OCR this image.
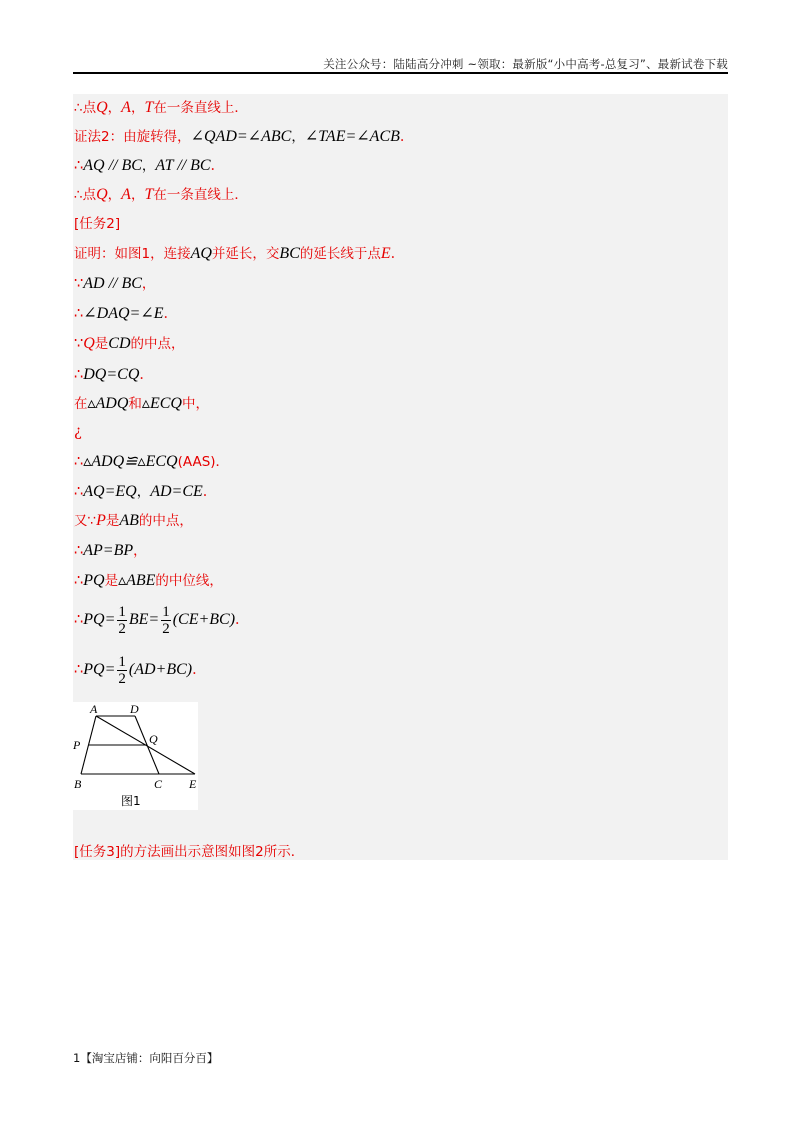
关注公众号：陆陆高分冲刺 ~领取：最新版“小中高考-总复习”、最新试卷下载
∴点Q，A，T在一条直线上．
证法2：由旋转得，∠QAD=∠ABC，∠TAE=∠ACB．
∴AQ // BC，AT // BC．
∴点Q，A，T在一条直线上．
[任务2]
证明：如图1，连接AQ并延长，交BC的延长线于点E．
∵AD // BC，
∴∠DAQ=∠E．
∵Q是CD的中点，
∴DQ=CQ．
在▵ADQ和▵ECQ中，
¿
∴▵ADQ≌▵ECQ(AAS)．
∴AQ=EQ，AD=CE．
又∵P是AB的中点，
∴AP=BP，
∴PQ是▵ABE的中位线，
∴PQ= $\frac{1}{2} BE= \frac{1}{2} (CE+BC)$．
∴PQ= $\frac{1}{2} (AD+BC)$．
[任务3]的方法画出示意图如图2所示．
A	D
P	Q
B	C E
图1
1【淘宝店铺：向阳百分百】
